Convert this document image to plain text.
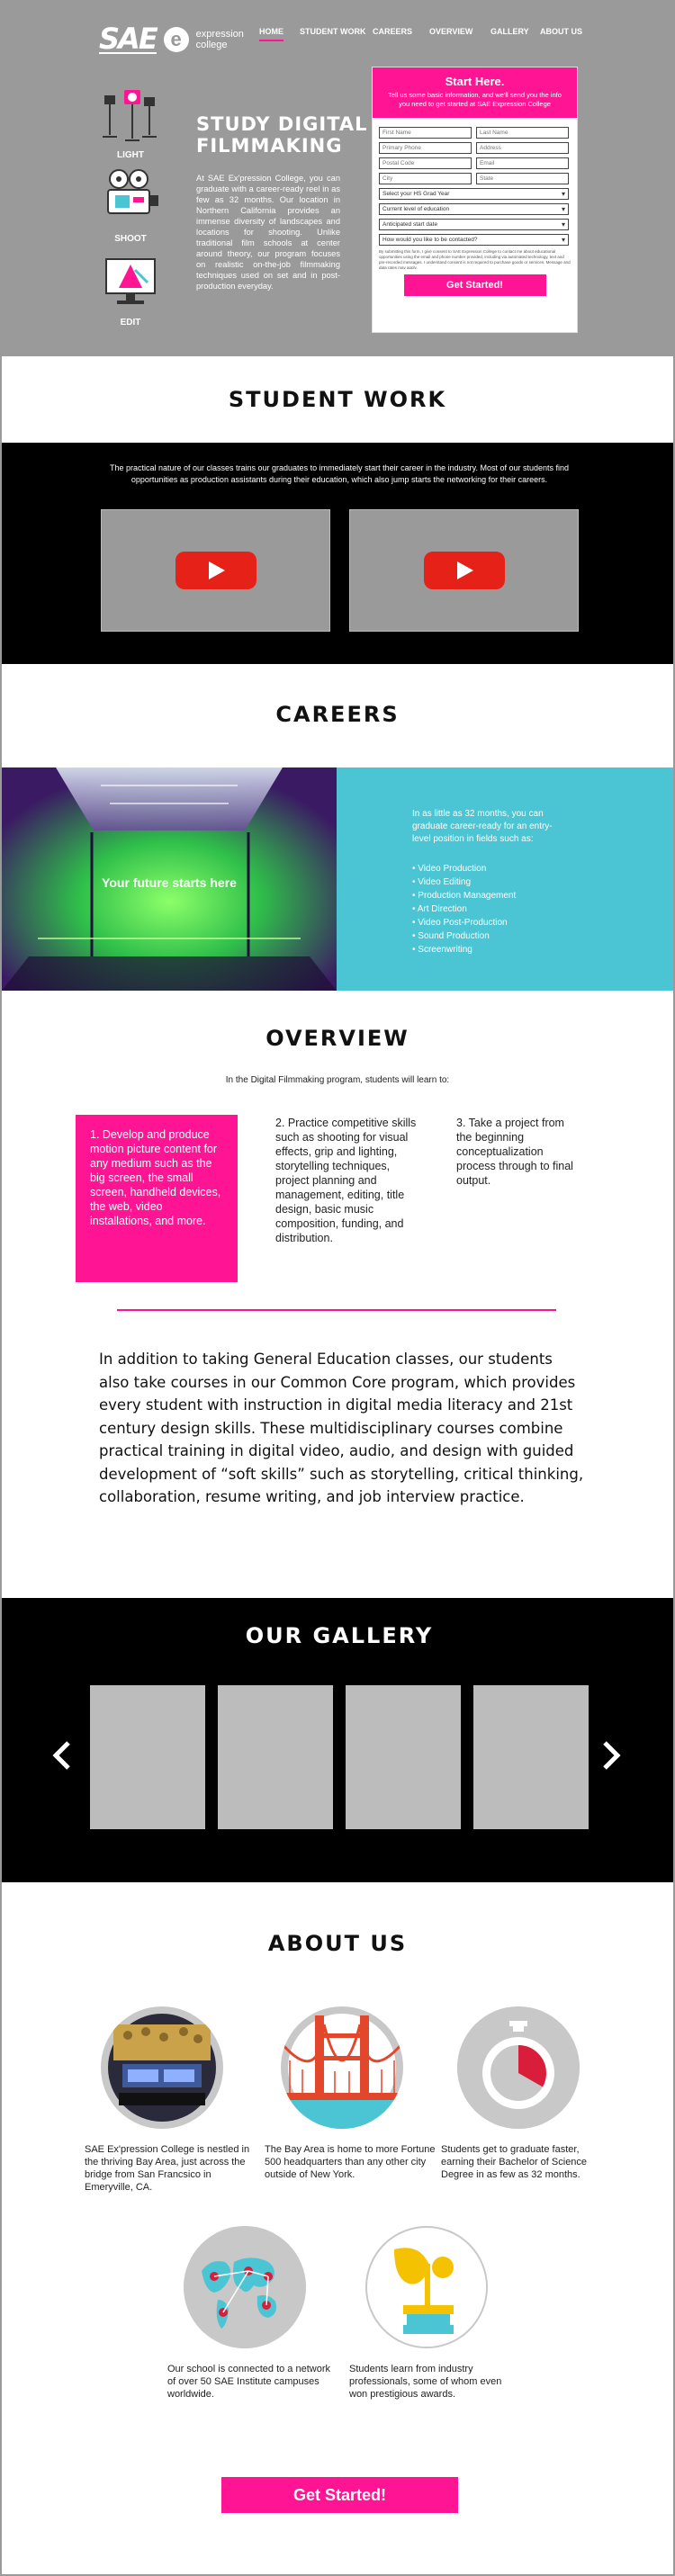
SAE e	expression
college
HOME STUDENT WORK CAREERS OVERVIEW GALLERY ABOUT US
LIGHT
SHOOT
EDIT
STUDY DIGITAL FILMMAKING

At SAE Ex'pression College, you can graduate with a career-ready reel in as few as 32 months. Our location in Northern California provides an immense diversity of landscapes and locations for shooting. Unlike traditional film schools at center around theory, our program focuses on realistic on-the-job filmmaking techniques used on set and in post-production everyday.

Start Here.

Tell us some basic information, and we'll send you the info you need to get started at SAE Expression College

First Name
Last Name
Primary Phone
Address
Postal Code
Email
City
State
Select your HS Grad Year ▾
Current level of education ▾
Anticipated start date ▾
How would you like to be contacted? ▾

By submitting this form, I give consent to SAE Expression College to contact me about educational opportunities using the email and phone number provided, including via automated technology, text and pre-recorded messages. I understand consent is not required to purchase goods or services. Message and data rates may apply.

Get Started!
STUDENT WORK

The practical nature of our classes trains our graduates to immediately start their career in the industry. Most of our students find opportunities as production assistants during their education, which also jump starts the networking for their careers.

CAREERS
Your future starts here

In as little as 32 months, you can graduate career-ready for an entry-level position in fields such as:

• Video Production
• Video Editing
• Production Management
• Art Direction
• Video Post-Production
• Sound Production
• Screenwriting
OVERVIEW

In the Digital Filmmaking program, students will learn to:

1. Develop and produce motion picture content for any medium such as the big screen, the small screen, handheld devices, the web, video installations, and more.
2. Practice competitive skills such as shooting for visual effects, grip and lighting, storytelling techniques, project planning and management, editing, title design, basic music composition, funding, and distribution.
3. Take a project from the beginning conceptualization process through to final output.

In addition to taking General Education classes, our students also take courses in our Common Core program, which provides every student with instruction in digital media literacy and 21st century design skills. These multidisciplinary courses combine practical training in digital video, audio, and design with guided development of “soft skills” such as storytelling, critical thinking, collaboration, resume writing, and job interview practice.

OUR GALLERY
ABOUT US

SAE Ex'pression College is nestled in the thriving Bay Area, just across the bridge from San Francsico in Emeryville, CA.

The Bay Area is home to more Fortune 500 headquarters than any other city outside of New York.

Students get to graduate faster, earning their Bachelor of Science Degree in as few as 32 months.

Our school is connected to a network of over 50 SAE Institute campuses worldwide.

Students learn from industry professionals, some of whom even won prestigious awards.

Get Started!
